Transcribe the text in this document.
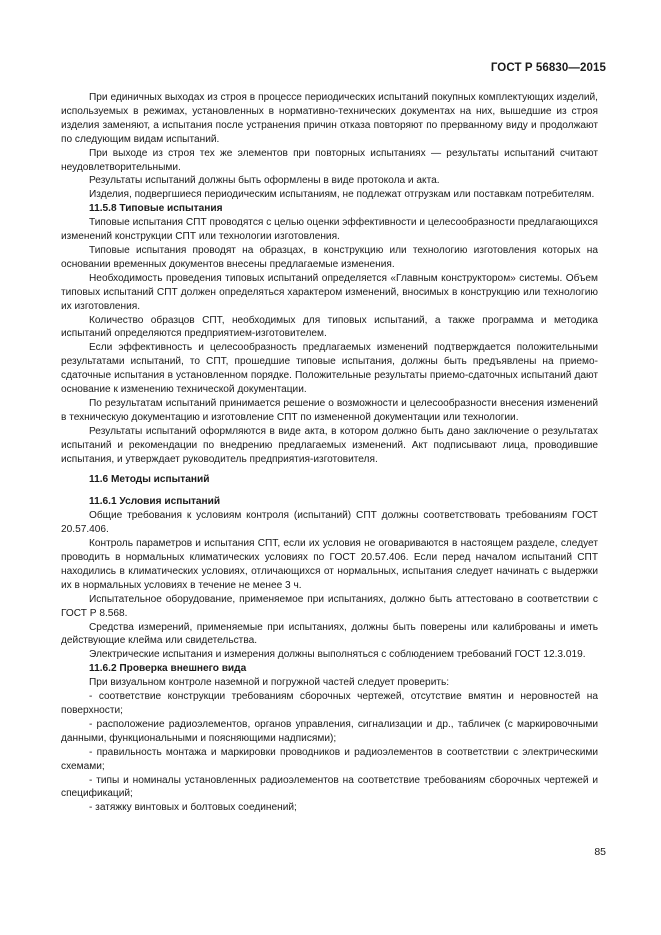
ГОСТ Р 56830—2015

При единичных выходах из строя в процессе периодических испытаний покупных комплектующих изделий, используемых в режимах, установленных в нормативно-технических документах на них, вышедшие из строя изделия заменяют, а испытания после устранения причин отказа повторяют по прерванному виду и продолжают по следующим видам испытаний.

При выходе из строя тех же элементов при повторных испытаниях — результаты испытаний считают неудовлетворительными.

Результаты испытаний должны быть оформлены в виде протокола и акта.

Изделия, подвергшиеся периодическим испытаниям, не подлежат отгрузкам или поставкам потребителям.

11.5.8 Типовые испытания

Типовые испытания СПТ проводятся с целью оценки эффективности и целесообразности предлагающихся изменений конструкции СПТ или технологии изготовления.

Типовые испытания проводят на образцах, в конструкцию или технологию изготовления которых на основании временных документов внесены предлагаемые изменения.

Необходимость проведения типовых испытаний определяется «Главным конструктором» системы. Объем типовых испытаний СПТ должен определяться характером изменений, вносимых в конструкцию или технологию их изготовления.

Количество образцов СПТ, необходимых для типовых испытаний, а также программа и методика испытаний определяются предприятием-изготовителем.

Если эффективность и целесообразность предлагаемых изменений подтверждается положительными результатами испытаний, то СПТ, прошедшие типовые испытания, должны быть предъявлены на приемо-сдаточные испытания в установленном порядке. Положительные результаты приемо-сдаточных испытаний дают основание к изменению технической документации.

По результатам испытаний принимается решение о возможности и целесообразности внесения изменений в техническую документацию и изготовление СПТ по измененной документации или технологии.

Результаты испытаний оформляются в виде акта, в котором должно быть дано заключение о результатах испытаний и рекомендации по внедрению предлагаемых изменений. Акт подписывают лица, проводившие испытания, и утверждает руководитель предприятия-изготовителя.

11.6 Методы испытаний

11.6.1 Условия испытаний

Общие требования к условиям контроля (испытаний) СПТ должны соответствовать требованиям ГОСТ 20.57.406.

Контроль параметров и испытания СПТ, если их условия не оговариваются в настоящем разделе, следует проводить в нормальных климатических условиях по ГОСТ 20.57.406. Если перед началом испытаний СПТ находились в климатических условиях, отличающихся от нормальных, испытания следует начинать с выдержки их в нормальных условиях в течение не менее 3 ч.

Испытательное оборудование, применяемое при испытаниях, должно быть аттестовано в соответствии с ГОСТ Р 8.568.

Средства измерений, применяемые при испытаниях, должны быть поверены или калиброваны и иметь действующие клейма или свидетельства.

Электрические испытания и измерения должны выполняться с соблюдением требований ГОСТ 12.3.019.

11.6.2 Проверка внешнего вида

При визуальном контроле наземной и погружной частей следует проверить:

- соответствие конструкции требованиям сборочных чертежей, отсутствие вмятин и неровностей на поверхности;

- расположение радиоэлементов, органов управления, сигнализации и др., табличек (с маркировочными данными, функциональными и поясняющими надписями);

- правильность монтажа и маркировки проводников и радиоэлементов в соответствии с электрическими схемами;

- типы и номиналы установленных радиоэлементов на соответствие требованиям сборочных чертежей и спецификаций;

- затяжку винтовых и болтовых соединений;

85
